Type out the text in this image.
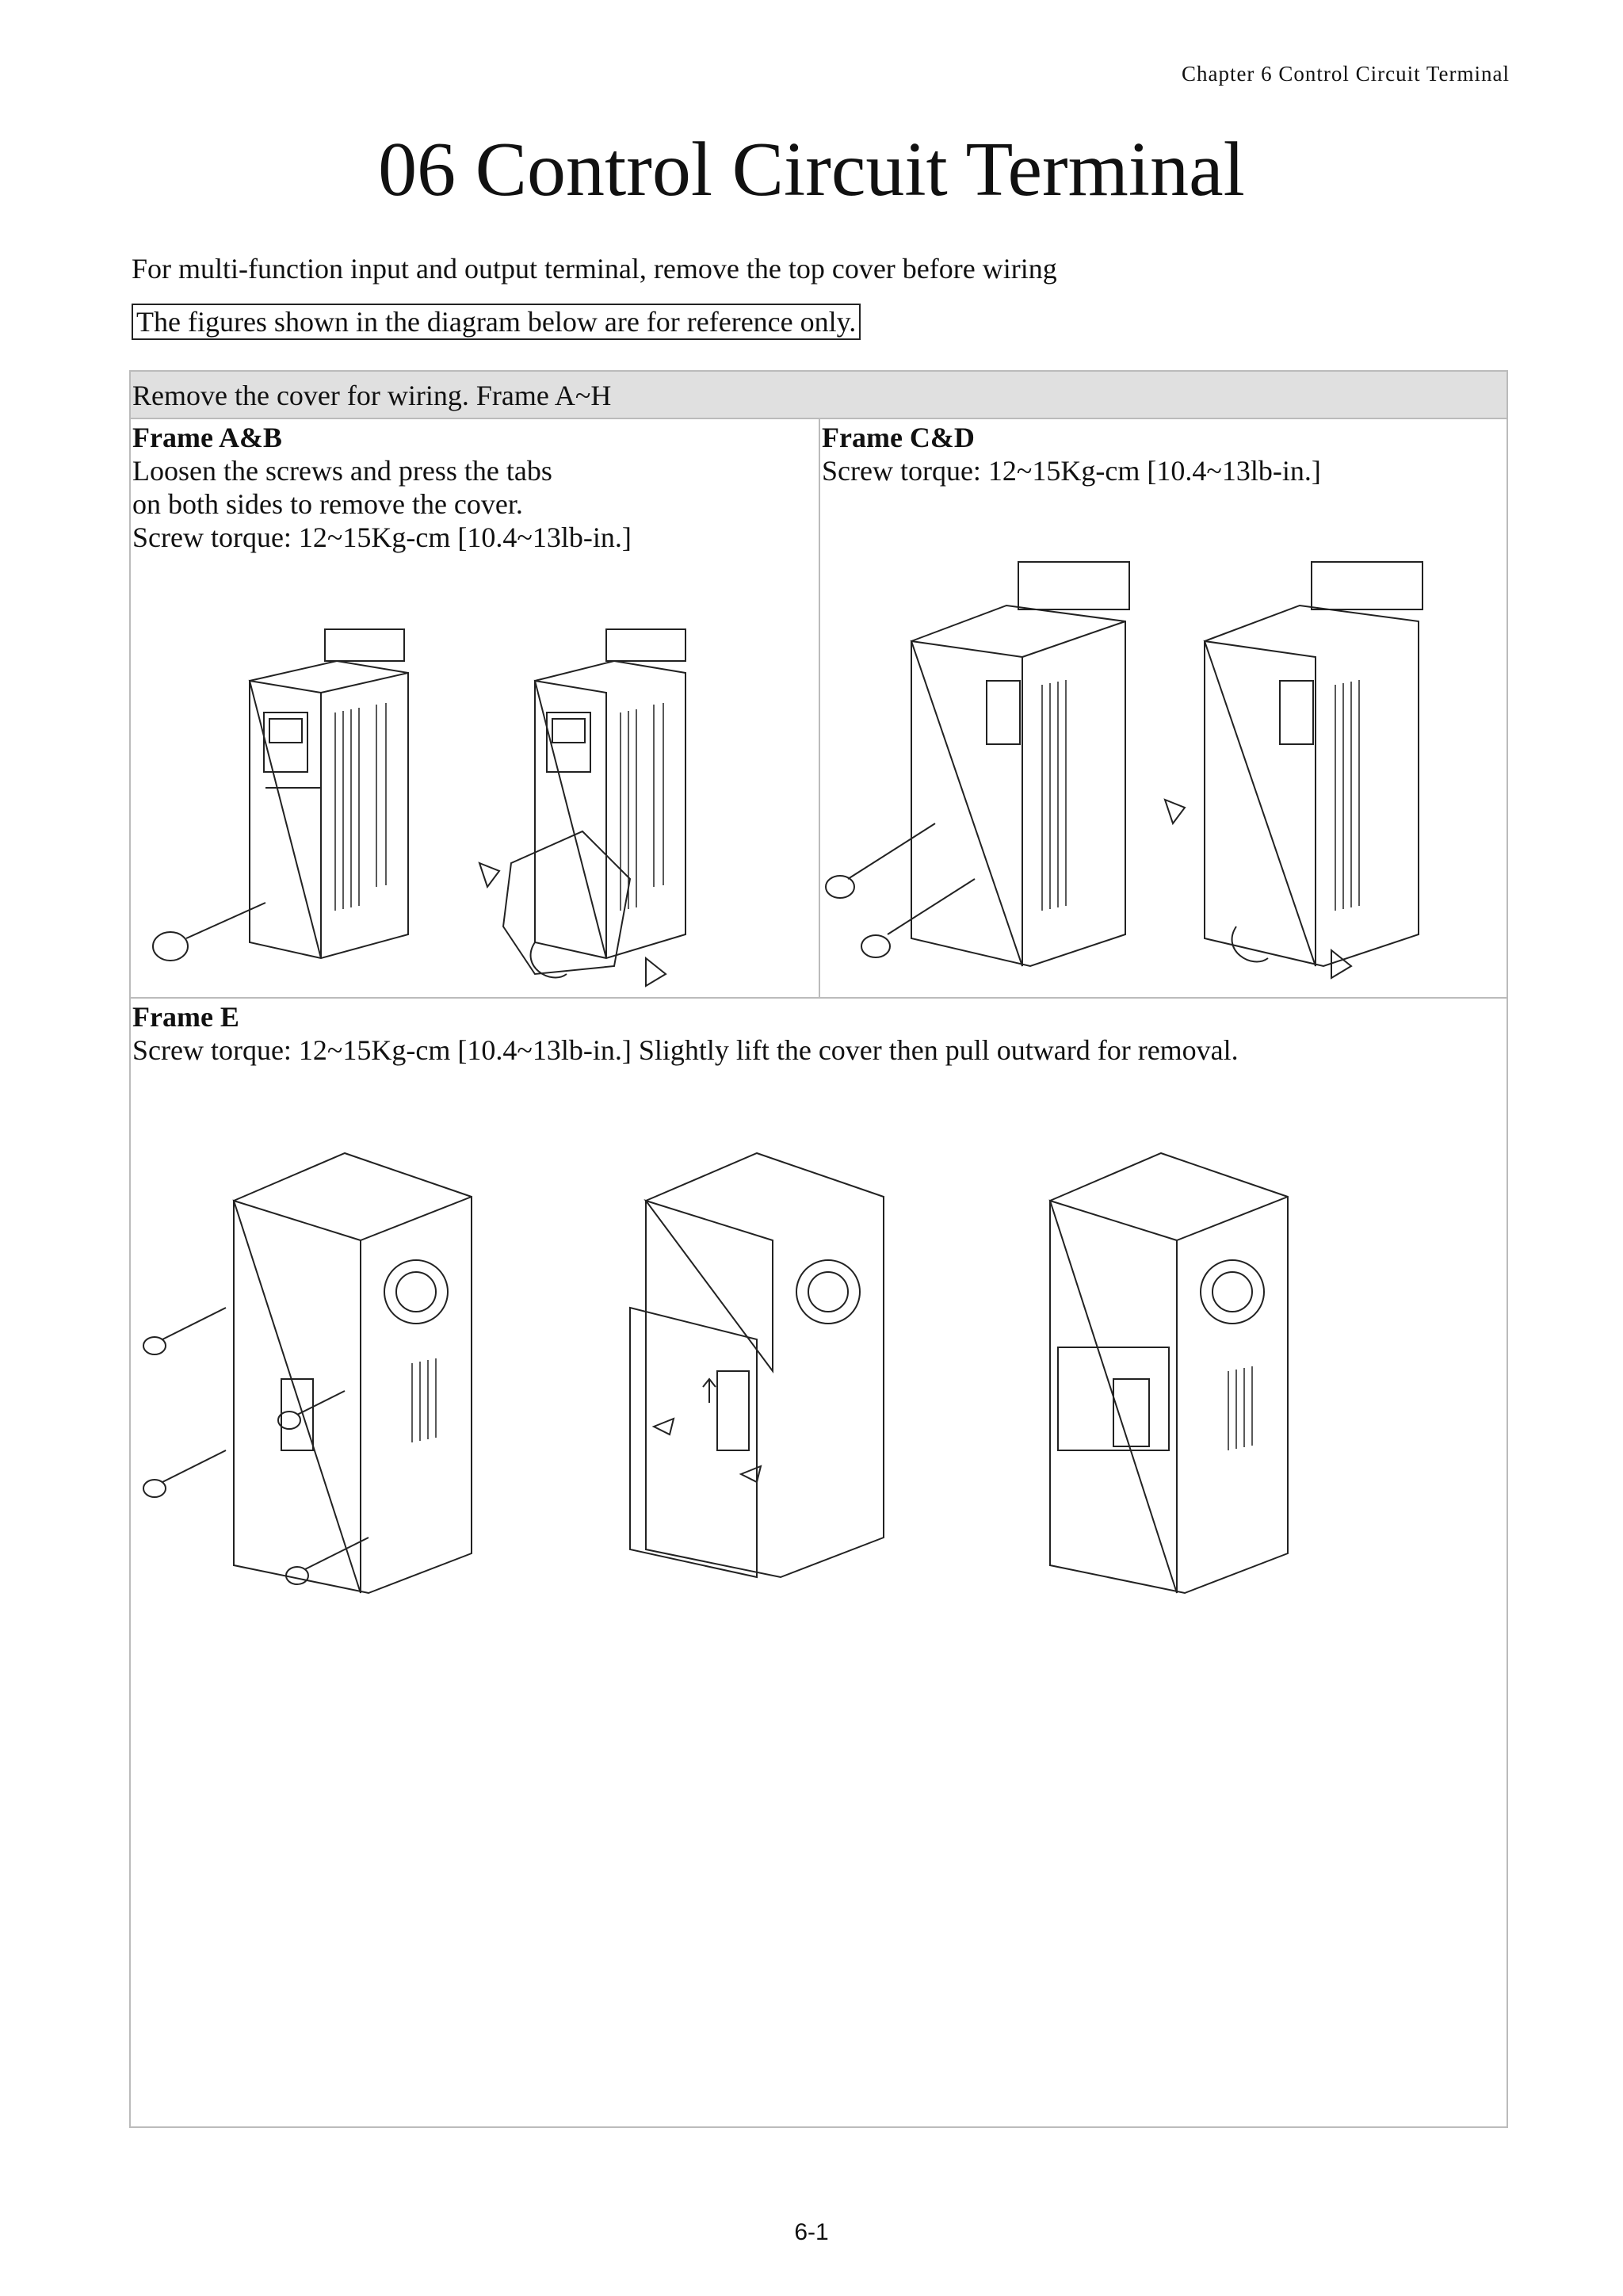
Chapter 6 Control Circuit Terminal
06 Control Circuit Terminal
For multi-function input and output terminal, remove the top cover before wiring
The figures shown in the diagram below are for reference only.
Remove the cover for wiring. Frame A~H
Frame A&B
Loosen the screws and press the tabs
on both sides to remove the cover.
Screw torque: 12~15Kg-cm [10.4~13lb-in.]
Frame C&D
Screw torque: 12~15Kg-cm [10.4~13lb-in.]
Frame E
Screw torque: 12~15Kg-cm [10.4~13lb-in.] Slightly lift the cover then pull outward for removal.
6-1
